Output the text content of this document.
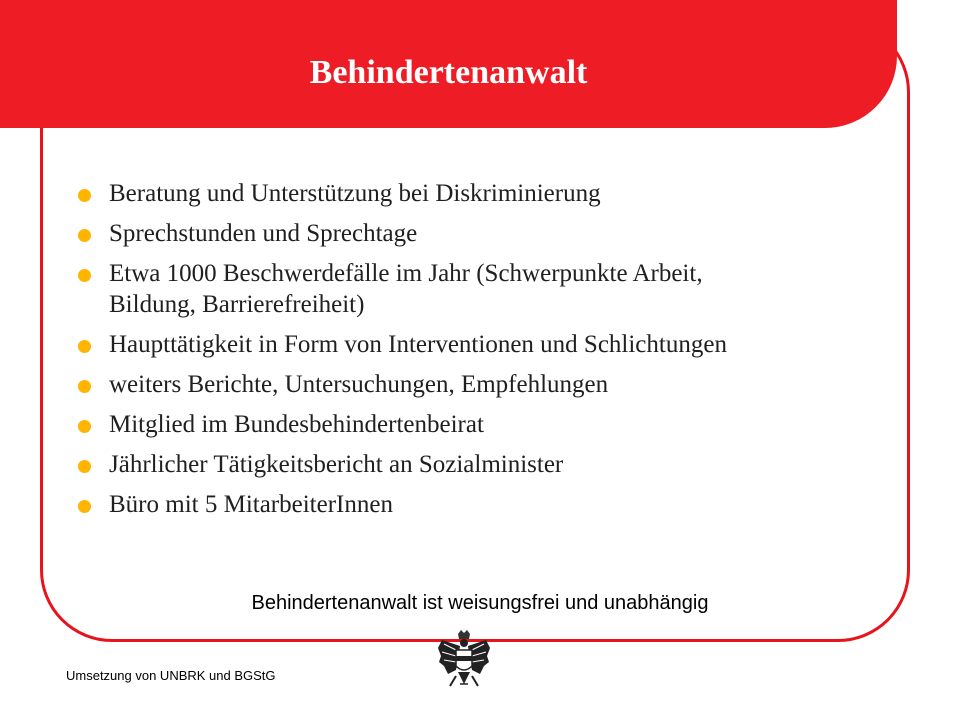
Behindertenanwalt
Beratung und Unterstützung bei Diskriminierung
Sprechstunden und Sprechtage
Etwa 1000 Beschwerdefälle im Jahr (Schwerpunkte Arbeit,
Bildung, Barrierefreiheit)
Haupttätigkeit in Form von Interventionen und Schlichtungen
weiters Berichte, Untersuchungen, Empfehlungen
Mitglied im Bundesbehindertenbeirat
Jährlicher Tätigkeitsbericht an Sozialminister
Büro mit 5 MitarbeiterInnen
Behindertenanwalt ist weisungsfrei und unabhängig
Umsetzung von UNBRK und BGStG
